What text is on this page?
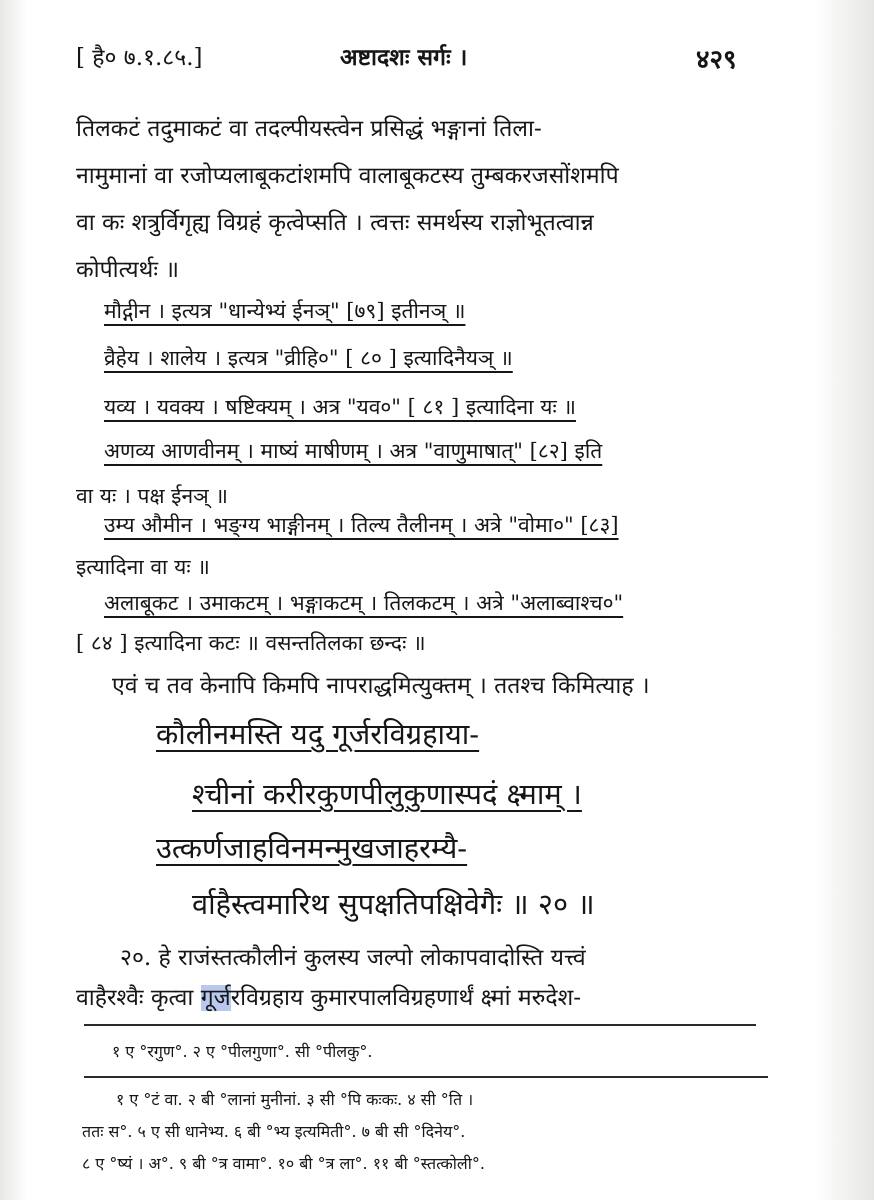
[ है० ७.१.८५.]	अष्टादशः सर्गः ।	४२९
तिलकटं तदुमाकटं वा तदल्पीयस्त्वेन प्रसिद्धं भङ्गानां तिला-
नामुमानां वा रजोप्यलाबूकटांशमपि वालाबूकटस्य तुम्बकरजसोंशमपि
वा कः शत्रुर्विगृह्य विग्रहं कृत्वेप्सति । त्वत्तः समर्थस्य राज्ञोभूतत्वान्न
कोपीत्यर्थः ॥
मौद्गीन । इत्यत्र "धान्येभ्यं ईनञ्" [७९] इतीनञ् ॥
व्रैहेय । शालेय । इत्यत्र "व्रीहि०" [ ८० ] इत्यादिनैयञ् ॥
यव्य । यवक्य । षष्टिक्यम् । अत्र "यव०" [ ८१ ] इत्यादिना यः ॥
अणव्य आणवीनम् । माष्यं माषीणम् । अत्र "वाणुमाषात्" [८२] इति
वा यः । पक्ष ईनञ् ॥
उम्य औमीन । भङ्ग्य भाङ्गीनम् । तिल्य तैलीनम् । अत्रे "वोमा०" [८३]
इत्यादिना वा यः ॥
अलाबूकट । उमाकटम् । भङ्गाकटम् । तिलकटम् । अत्रे "अलाब्वाश्च०"
[ ८४ ] इत्यादिना कटः ॥ वसन्ततिलका छन्दः ॥
एवं च तव केनापि किमपि नापराद्धमित्युक्तम् । ततश्च किमित्याह ।
कौलीनमस्ति यदु गूर्जरविग्रहाया-
श्चीनां करीरकुणपीलुकुणास्पदं क्ष्माम् ।
उत्कर्णजाहविनमन्मुखजाहरम्यै-
र्वाहैस्त्वमारिथ सुपक्षतिपक्षिवेगैः ॥ २० ॥
२०. हे राजंस्तत्कौलीनं कुलस्य जल्पो लोकापवादोस्ति यत्त्वं
वाहैरश्वैः कृत्वा गूर्जरविग्रहाय कुमारपालविग्रहणार्थं क्ष्मां मरुदेश-
१ ए °रगुण°. २ ए °पीलगुणा°. सी °पीलकु°.
१ ए °टं वा. २ बी °लानां मुनीनां. ३ सी °पि कःकः. ४ सी °ति ।
ततः स°. ५ ए सी धानेभ्य. ६ बी °भ्य इत्यमिती°. ७ बी सी °दिनेय°.
८ ए °ष्यं । अ°. ९ बी °त्र वामा°. १० बी °त्र ला°. ११ बी °स्तत्कोली°.
